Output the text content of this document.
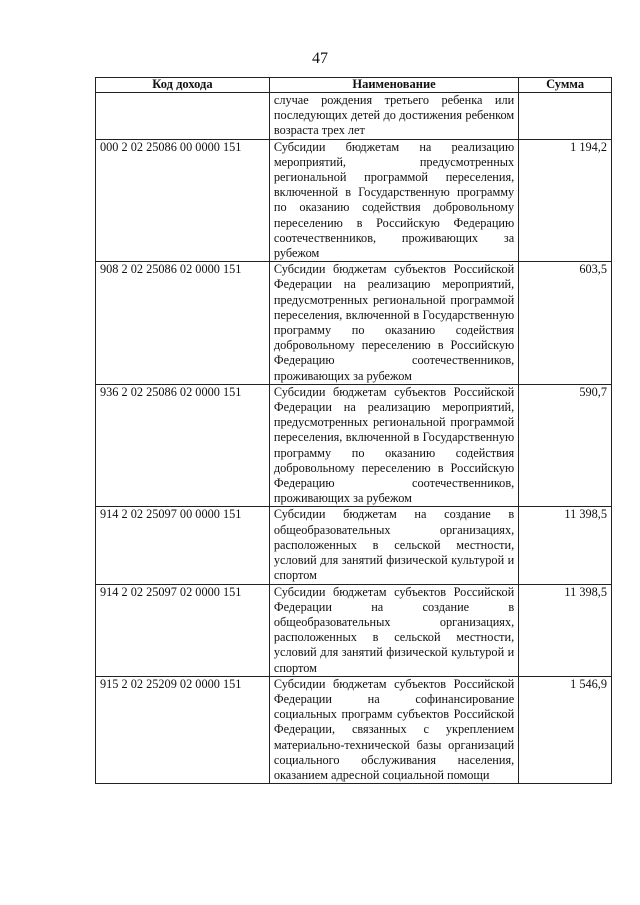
47
Код дохода	Наименование	Сумма
	случае рождения третьего ребенка или последующих детей до достижения ребенком возраста трех лет	
000 2 02 25086 00 0000 151	Субсидии бюджетам на реализацию мероприятий, предусмотренных региональной программой переселения, включенной в Государственную программу по оказанию содействия добровольному переселению в Российскую Федерацию соотечественников, проживающих за рубежом	1 194,2
908 2 02 25086 02 0000 151	Субсидии бюджетам субъектов Российской Федерации на реализацию мероприятий, предусмотренных региональной программой переселения, включенной в Государственную программу по оказанию содействия добровольному переселению в Российскую Федерацию соотечественников, проживающих за рубежом	603,5
936 2 02 25086 02 0000 151	Субсидии бюджетам субъектов Российской Федерации на реализацию мероприятий, предусмотренных региональной программой переселения, включенной в Государственную программу по оказанию содействия добровольному переселению в Российскую Федерацию соотечественников, проживающих за рубежом	590,7
914 2 02 25097 00 0000 151	Субсидии бюджетам на создание в общеобразовательных организациях, расположенных в сельской местности, условий для занятий физической культурой и спортом	11 398,5
914 2 02 25097 02 0000 151	Субсидии бюджетам субъектов Российской Федерации на создание в общеобразовательных организациях, расположенных в сельской местности, условий для занятий физической культурой и спортом	11 398,5
915 2 02 25209 02 0000 151	Субсидии бюджетам субъектов Российской Федерации на софинансирование социальных программ субъектов Российской Федерации, связанных с укреплением материально-технической базы организаций социального обслуживания населения, оказанием адресной социальной помощи	1 546,9
